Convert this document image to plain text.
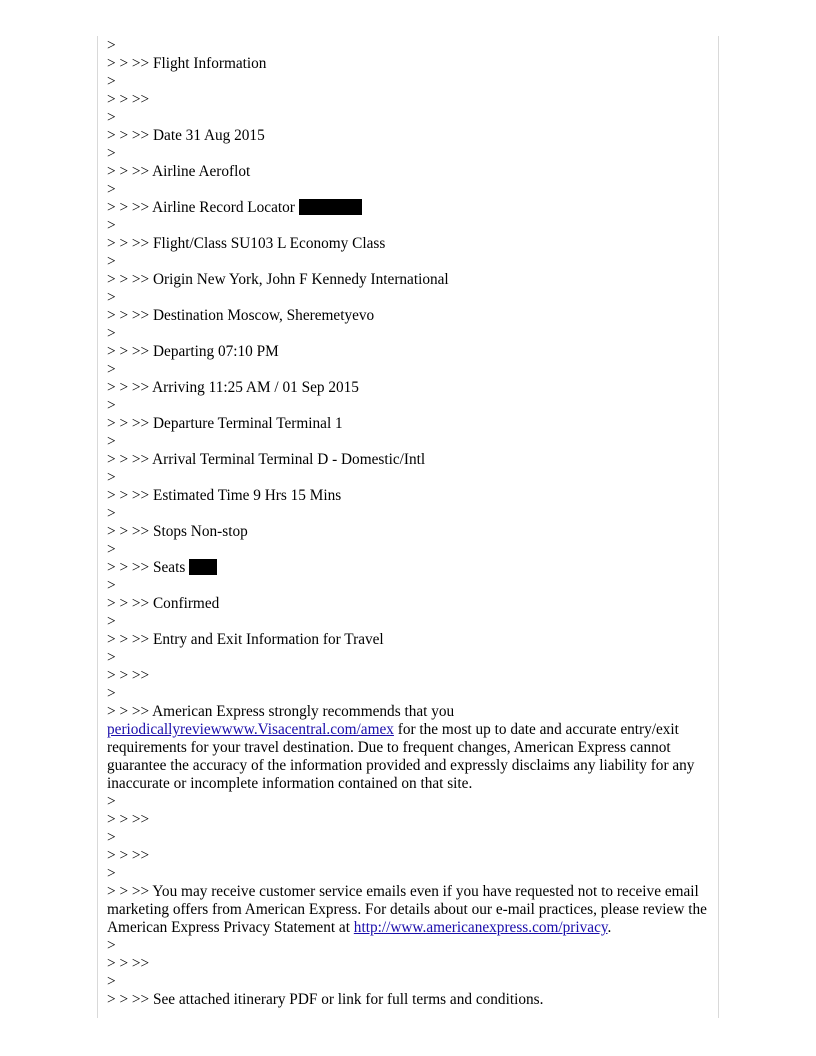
>

> > >> Flight Information

>

> > >>

>

> > >> Date 31 Aug 2015

>

> > >> Airline Aeroflot

>

> > >> Airline Record Locator

>

> > >> Flight/Class SU103 L Economy Class

>

> > >> Origin New York, John F Kennedy International

>

> > >> Destination Moscow, Sheremetyevo

>

> > >> Departing 07:10 PM

>

> > >> Arriving 11:25 AM / 01 Sep 2015

>

> > >> Departure Terminal Terminal 1

>

> > >> Arrival Terminal Terminal D - Domestic/Intl

>

> > >> Estimated Time 9 Hrs 15 Mins

>

> > >> Stops Non-stop

>

> > >> Seats

>

> > >> Confirmed

>

> > >> Entry and Exit Information for Travel

>

> > >>

>

> > >> American Express strongly recommends that you periodicallyreviewwww.Visacentral.com/amex for the most up to date and accurate entry/exit requirements for your travel destination. Due to frequent changes, American Express cannot guarantee the accuracy of the information provided and expressly disclaims any liability for any inaccurate or incomplete information contained on that site.

>

> > >>

>

> > >>

>

> > >> You may receive customer service emails even if you have requested not to receive email marketing offers from American Express. For details about our e-mail practices, please review the American Express Privacy Statement at http://www.americanexpress.com/privacy.

>

> > >>

>

> > >> See attached itinerary PDF or link for full terms and conditions.
